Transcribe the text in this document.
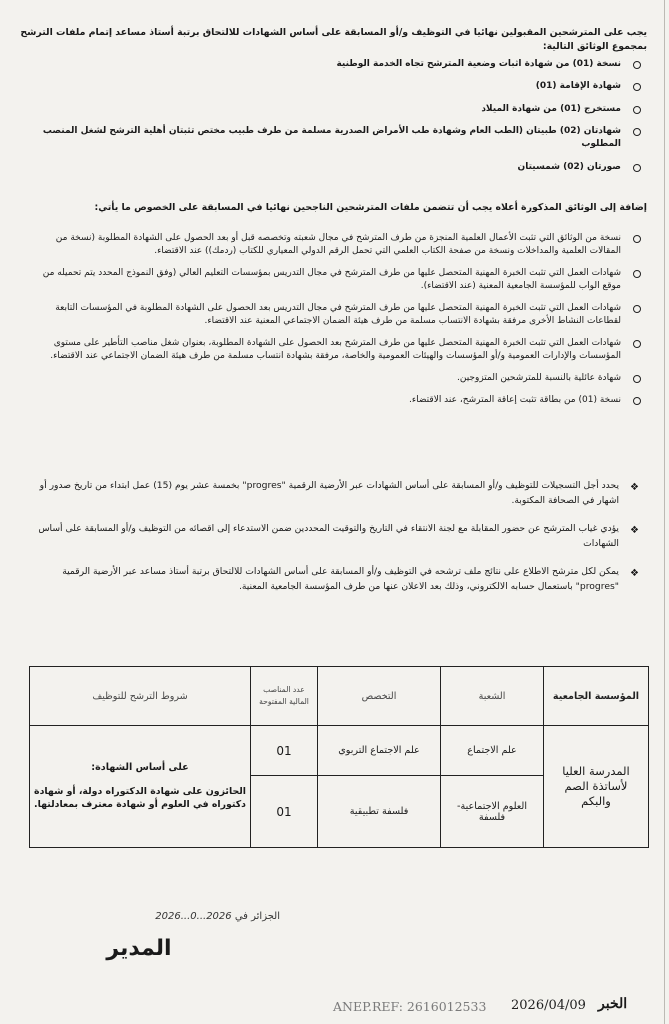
يجب على المترشحين المقبولين نهائيا في التوظيف و/أو المسابقة على أساس الشهادات للالتحاق برتبة أستاذ مساعد إتمام ملفات الترشح بمجموع الوثائق التالية:
نسخة (01) من شهادة اثبات وضعية المترشح تجاه الخدمة الوطنية
شهادة الإقامة (01)
مستخرج (01) من شهادة الميلاد
شهادتان (02) طبيتان (الطب العام وشهادة طب الأمراض الصدرية مسلمة من طرف طبيب مختص تثبتان أهلية الترشح لشغل المنصب المطلوب
صورتان (02) شمسيتان
إضافة إلى الوثائق المذكورة أعلاه يجب أن تتضمن ملفات المترشحين الناجحين نهائيا في المسابقة على الخصوص ما يأتي:
نسخة من الوثائق التي تثبت الأعمال العلمية المنجزة من طرف المترشح في مجال شعبته وتخصصه قبل أو بعد الحصول على الشهادة المطلوبة (نسخة من المقالات العلمية والمداخلات ونسخة من صفحة الكتاب العلمي التي تحمل الرقم الدولي المعياري للكتاب (ردمك)) عند الاقتضاء.
شهادات العمل التي تثبت الخبرة المهنية المتحصل عليها من طرف المترشح في مجال التدريس بمؤسسات التعليم العالي (وفق النموذج المحدد يتم تحميله من موقع الواب للمؤسسة الجامعية المعنية (عند الاقتضاء).
شهادات العمل التي تثبت الخبرة المهنية المتحصل عليها من طرف المترشح في مجال التدريس بعد الحصول على الشهادة المطلوبة في المؤسسات التابعة لقطاعات النشاط الأخرى مرفقة بشهادة الانتساب مسلمة من طرف هيئة الضمان الاجتماعي المعنية عند الاقتضاء.
شهادات العمل التي تثبت الخبرة المهنية المتحصل عليها من طرف المترشح بعد الحصول على الشهادة المطلوبة، بعنوان شغل مناصب التأطير على مستوى المؤسسات والإدارات العمومية و/أو المؤسسات والهيئات العمومية والخاصة، مرفقة بشهادة انتساب مسلمة من طرف هيئة الضمان الاجتماعي عند الاقتضاء.
شهادة عائلية بالنسبة للمترشحين المتزوجين.
نسخة (01) من بطاقة تثبت إعاقة المترشح، عند الاقتضاء.
❖
يحدد أجل التسجيلات للتوظيف و/أو المسابقة على أساس الشهادات عبر الأرضية الرقمية "progres" بخمسة عشر يوم (15) عمل ابتداء من تاريخ صدور أو اشهار في الصحافة المكتوبة.
❖
يؤدي غياب المترشح عن حضور المقابلة مع لجنة الانتقاء في التاريخ والتوقيت المحددين ضمن الاستدعاء إلى اقصائه من التوظيف و/أو المسابقة على أساس الشهادات
❖
يمكن لكل مترشح الاطلاع على نتائج ملف ترشحه في التوظيف و/أو المسابقة على أساس الشهادات للالتحاق برتبة أستاذ مساعد عبر الأرضية الرقمية "progres" باستعمال حسابه الالكتروني، وذلك بعد الاعلان عنها من طرف المؤسسة الجامعية المعنية.
المؤسسة الجامعية	الشعبة	التخصص	عدد المناصب المالية المفتوحة	شروط الترشح للتوظيف
المدرسة العليا لأساتذة الصم والبكم	علم الاجتماع	علم الاجتماع التربوي	01	على أساس الشهادة:
الحائزون على شهادة الدكتوراه دولة، أو شهادة دكتوراه في العلوم أو شهادة معترف بمعادلتها.

	العلوم الاجتماعية- فلسفة	فلسفة تطبيقية	01	
الجزائر في 2026...0...2026
المدير
ANEP.REF: 2616012533 2026/04/09 الخبر
